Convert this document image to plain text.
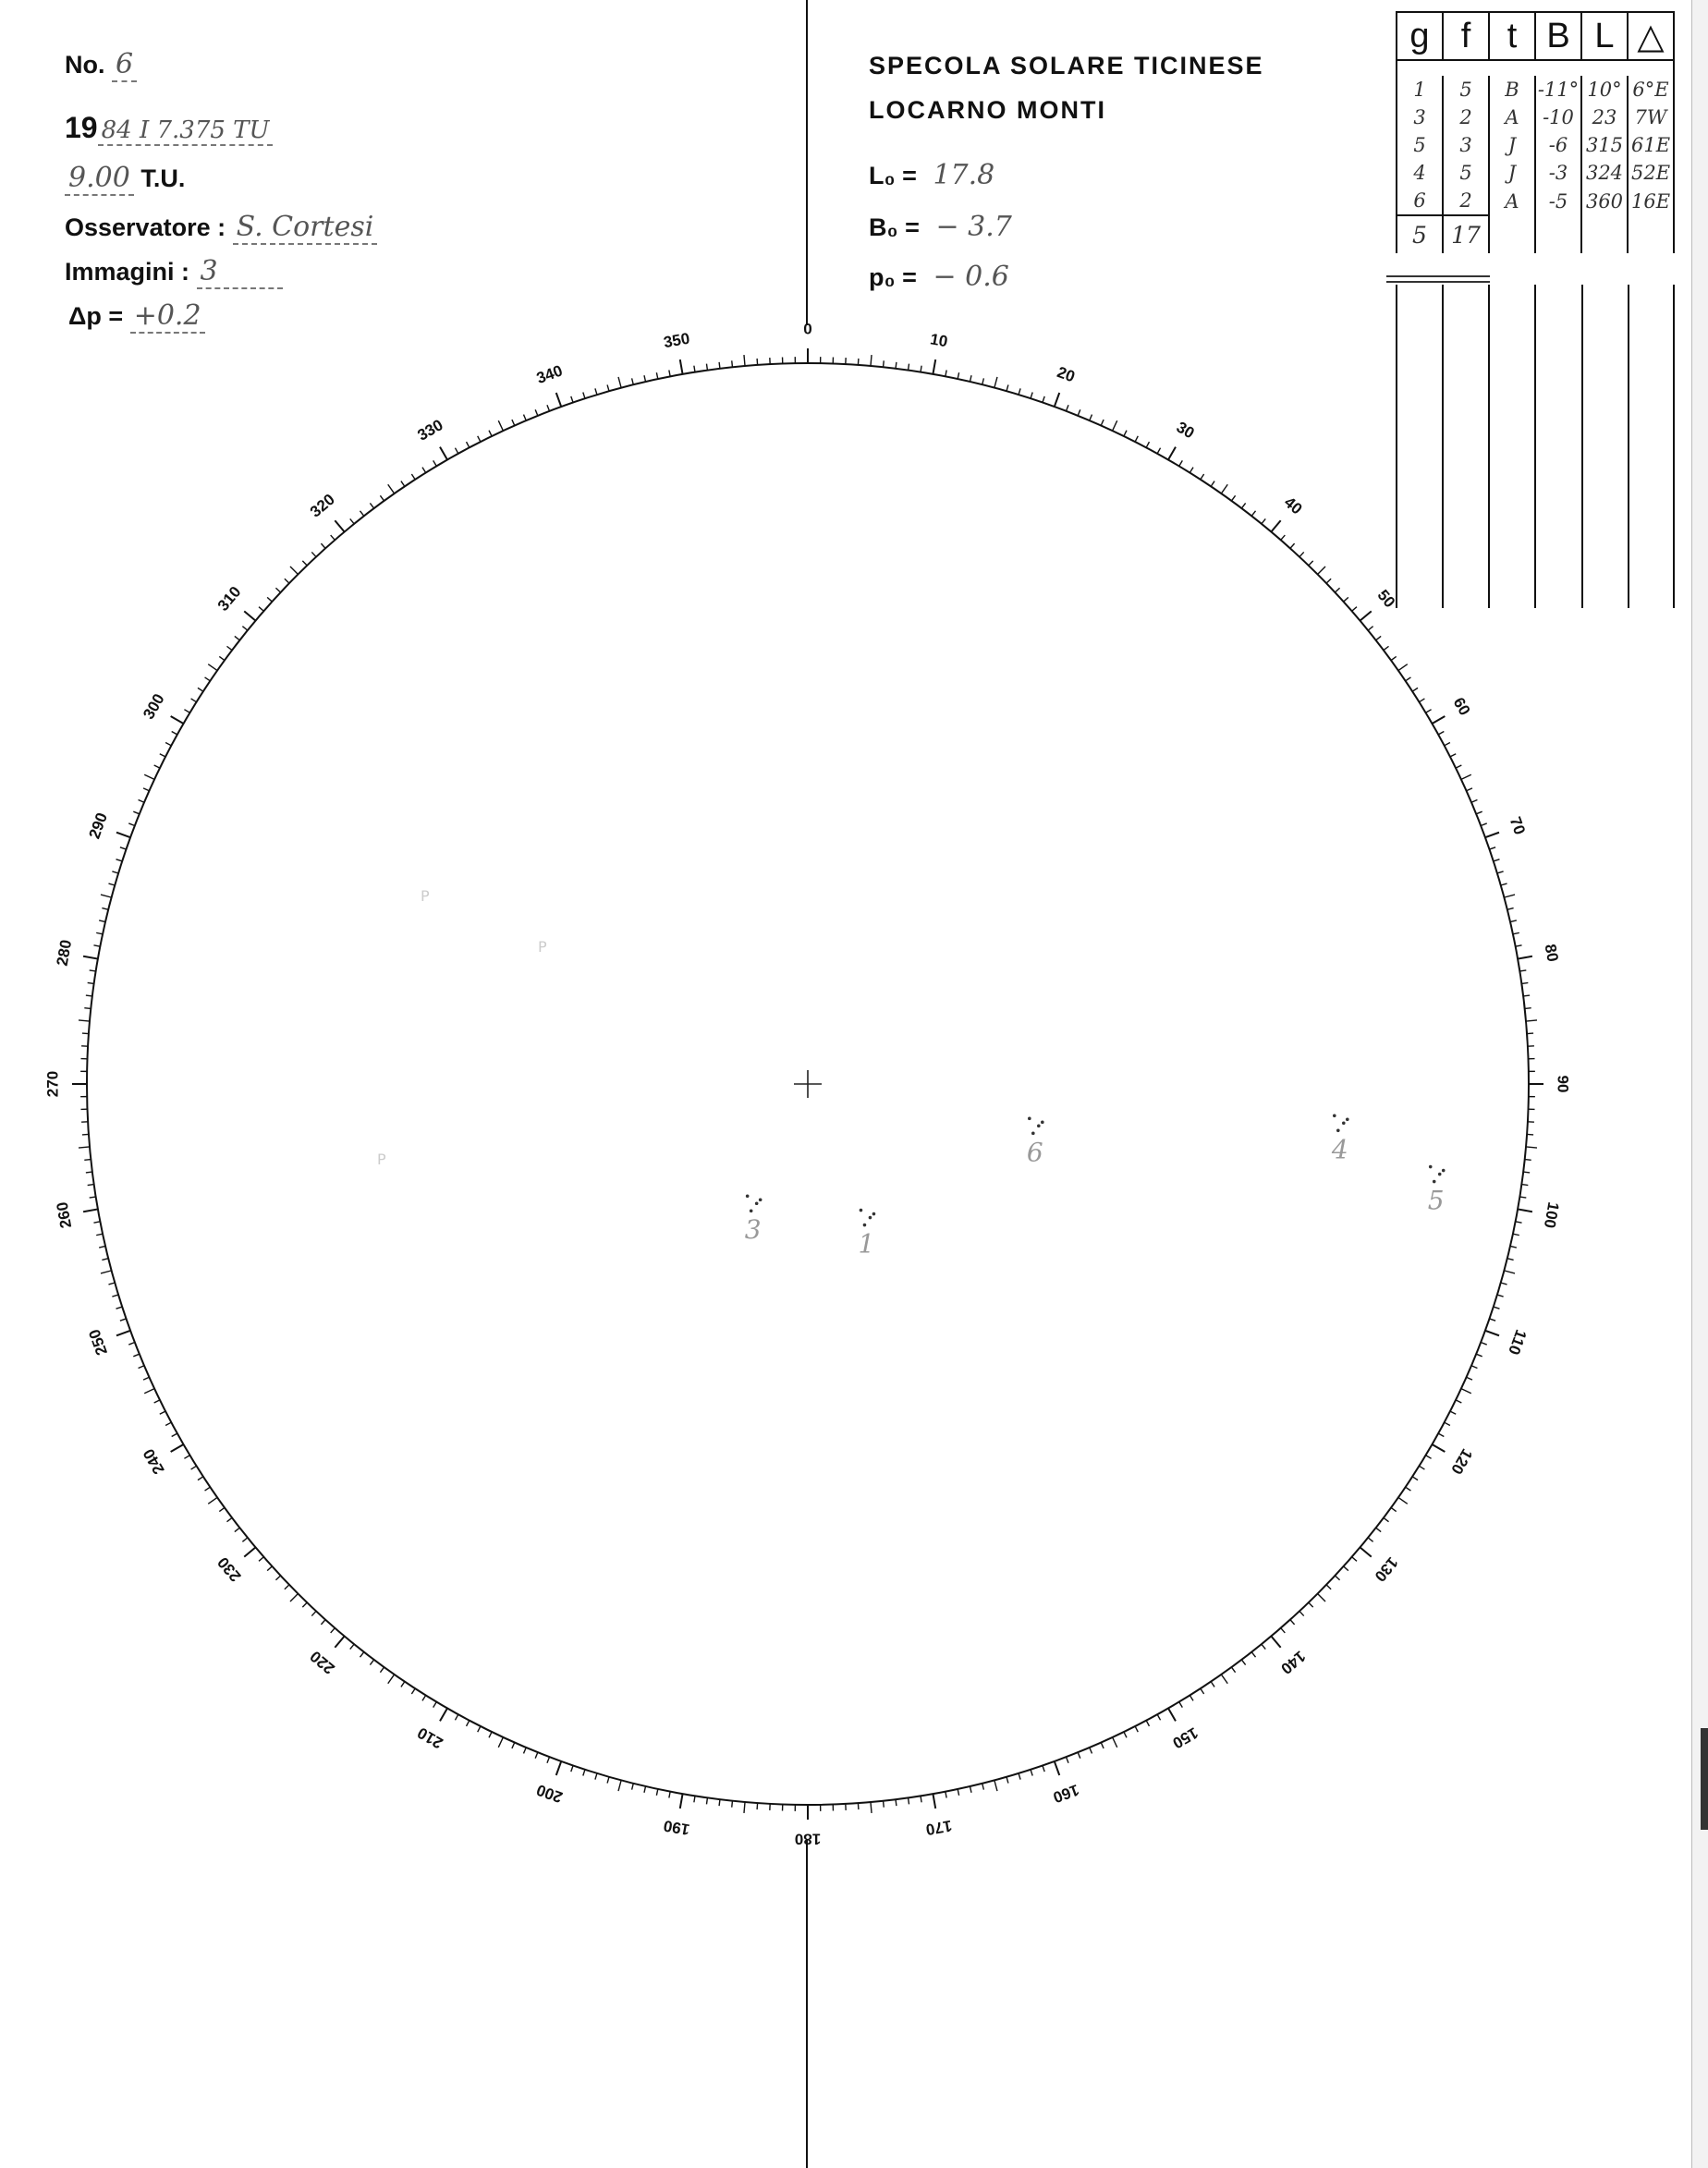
No. 6
19 84 I 7.375 TU
9.00 T.U.
Osservatore : S. Cortesi
Immagini : 3
Δp = +0.2
SPECOLA SOLARE TICINESE
LOCARNO MONTI
L₀ = 17.8
B₀ = − 3.7
p₀ = − 0.6
g	f	t	B	L	△

1	5	B	-11°	10°	6°E
3	2	A	-10	23	7W
5	3	J	-6	315	61E
4	5	J	-3	324	52E
6	2	A	-5	360	16E
5	17				
0
10
20
30
40
50
60
70
80
90
100
110
120
130
140
150
160
170
180
190
200
210
220
230
240
250
260
270
280
290
300
310
320
330
340
350
1
3
6	4
5
P
P
P
